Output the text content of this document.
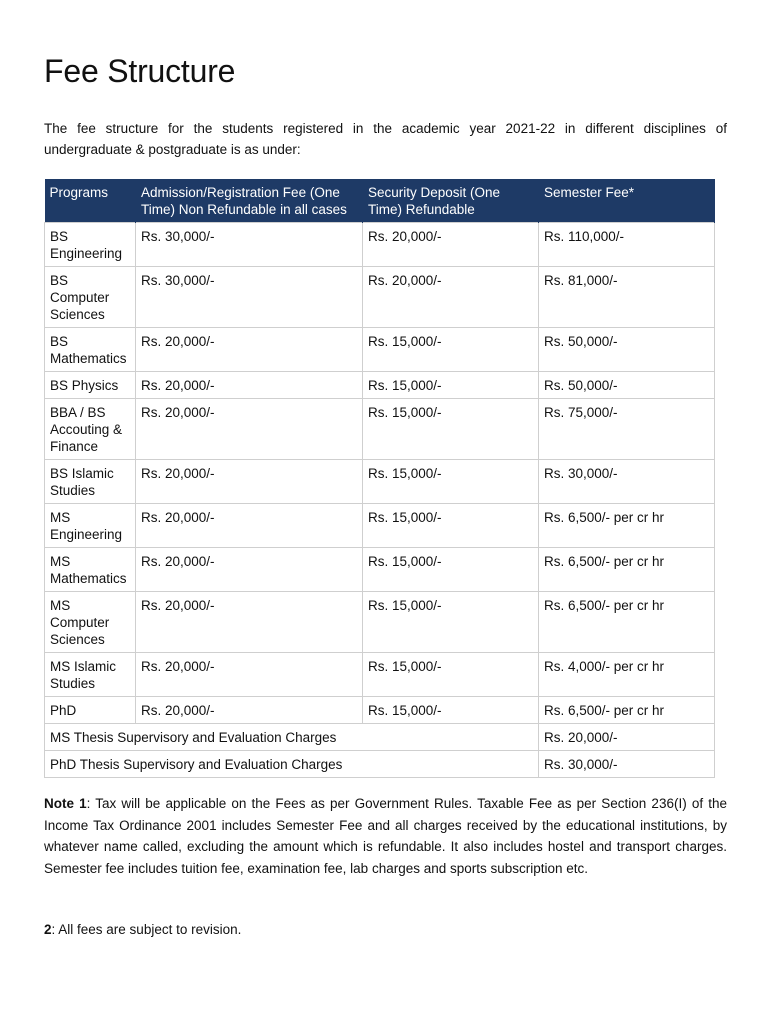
Fee Structure

The fee structure for the students registered in the academic year 2021-22 in different disciplines of undergraduate & postgraduate is as under:

Programs	Admission/Registration Fee (One Time) Non Refundable in all cases	Security Deposit (One Time) Refundable	Semester Fee*
BS Engineering	Rs. 30,000/-	Rs. 20,000/-	Rs. 110,000/-
BS Computer Sciences	Rs. 30,000/-	Rs. 20,000/-	Rs. 81,000/-
BS Mathematics	Rs. 20,000/-	Rs. 15,000/-	Rs. 50,000/-
BS Physics	Rs. 20,000/-	Rs. 15,000/-	Rs. 50,000/-
BBA / BS Accouting & Finance	Rs. 20,000/-	Rs. 15,000/-	Rs. 75,000/-
BS Islamic Studies	Rs. 20,000/-	Rs. 15,000/-	Rs. 30,000/-
MS Engineering	Rs. 20,000/-	Rs. 15,000/-	Rs. 6,500/- per cr hr
MS Mathematics	Rs. 20,000/-	Rs. 15,000/-	Rs. 6,500/- per cr hr
MS Computer Sciences	Rs. 20,000/-	Rs. 15,000/-	Rs. 6,500/- per cr hr
MS Islamic Studies	Rs. 20,000/-	Rs. 15,000/-	Rs. 4,000/- per cr hr
PhD	Rs. 20,000/-	Rs. 15,000/-	Rs. 6,500/- per cr hr
MS Thesis Supervisory and Evaluation Charges			Rs. 20,000/-
PhD Thesis Supervisory and Evaluation Charges			Rs. 30,000/-

Note 1: Tax will be applicable on the Fees as per Government Rules. Taxable Fee as per Section 236(I) of the Income Tax Ordinance 2001 includes Semester Fee and all charges received by the educational institutions, by whatever name called, excluding the amount which is refundable. It also includes hostel and transport charges. Semester fee includes tuition fee, examination fee, lab charges and sports subscription etc.

2: All fees are subject to revision.
